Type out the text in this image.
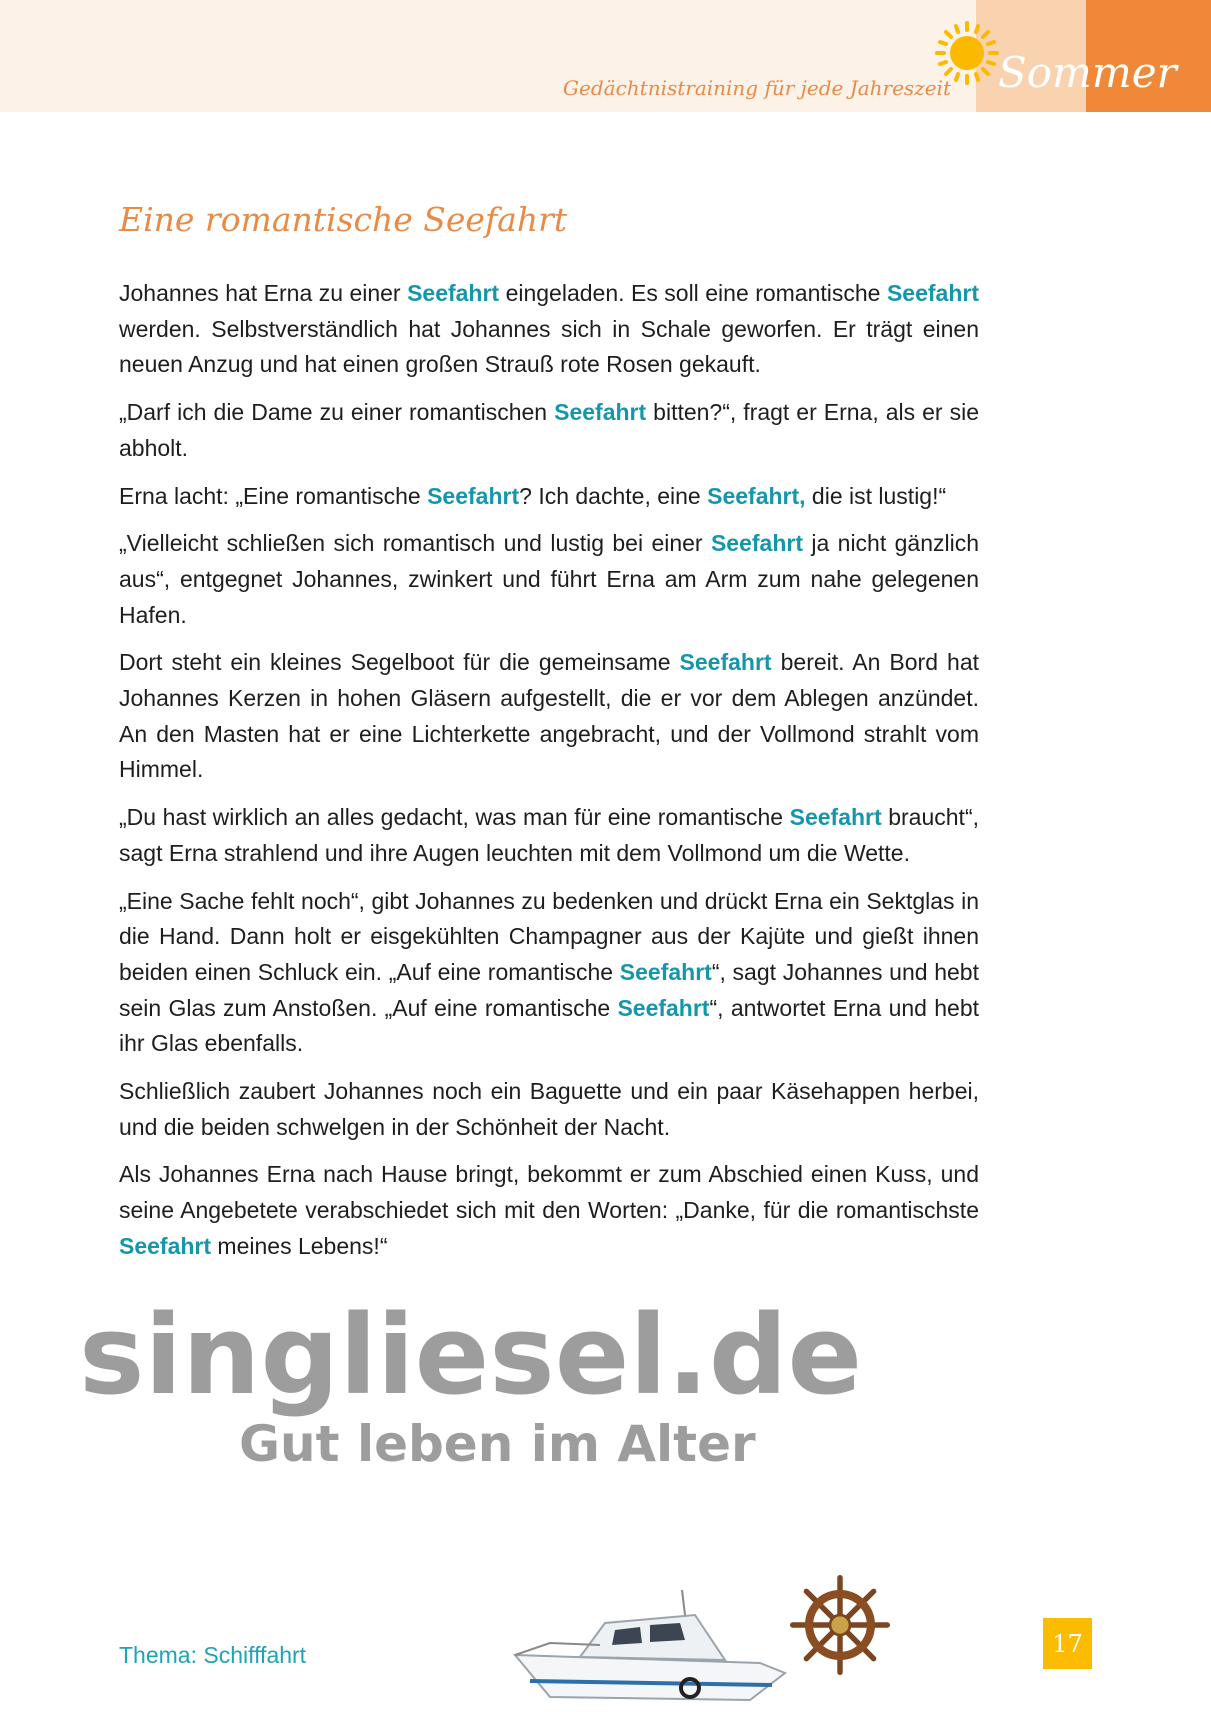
Gedächtnistraining für jede Jahreszeit Sommer
Eine romantische Seefahrt

Johannes hat Erna zu einer Seefahrt eingeladen. Es soll eine romantische Seefahrt werden. Selbstverständlich hat Johannes sich in Schale geworfen. Er trägt einen neuen Anzug und hat einen großen Strauß rote Rosen gekauft.

„Darf ich die Dame zu einer romantischen Seefahrt bitten?“, fragt er Erna, als er sie abholt.

Erna lacht: „Eine romantische Seefahrt? Ich dachte, eine Seefahrt, die ist lustig!“

„Vielleicht schließen sich romantisch und lustig bei einer Seefahrt ja nicht gänzlich aus“, entgegnet Johannes, zwinkert und führt Erna am Arm zum nahe gelegenen Hafen.

Dort steht ein kleines Segelboot für die gemeinsame Seefahrt bereit. An Bord hat Johannes Kerzen in hohen Gläsern aufgestellt, die er vor dem Ablegen anzündet. An den Masten hat er eine Lichterkette angebracht, und der Vollmond strahlt vom Himmel.

„Du hast wirklich an alles gedacht, was man für eine romantische Seefahrt braucht“, sagt Erna strahlend und ihre Augen leuchten mit dem Vollmond um die Wette.

„Eine Sache fehlt noch“, gibt Johannes zu bedenken und drückt Erna ein Sektglas in die Hand. Dann holt er eisgekühlten Champagner aus der Kajüte und gießt ihnen beiden einen Schluck ein. „Auf eine romantische Seefahrt“, sagt Johannes und hebt sein Glas zum Anstoßen. „Auf eine romantische Seefahrt“, antwortet Erna und hebt ihr Glas ebenfalls.

Schließlich zaubert Johannes noch ein Baguette und ein paar Käsehappen herbei, und die beiden schwelgen in der Schönheit der Nacht.

Als Johannes Erna nach Hause bringt, bekommt er zum Abschied einen Kuss, und seine Angebetete verabschiedet sich mit den Worten: „Danke, für die romantischste Seefahrt meines Lebens!“

singliesel.de
Gut leben im Alter
Thema: Schifffahrt	17
